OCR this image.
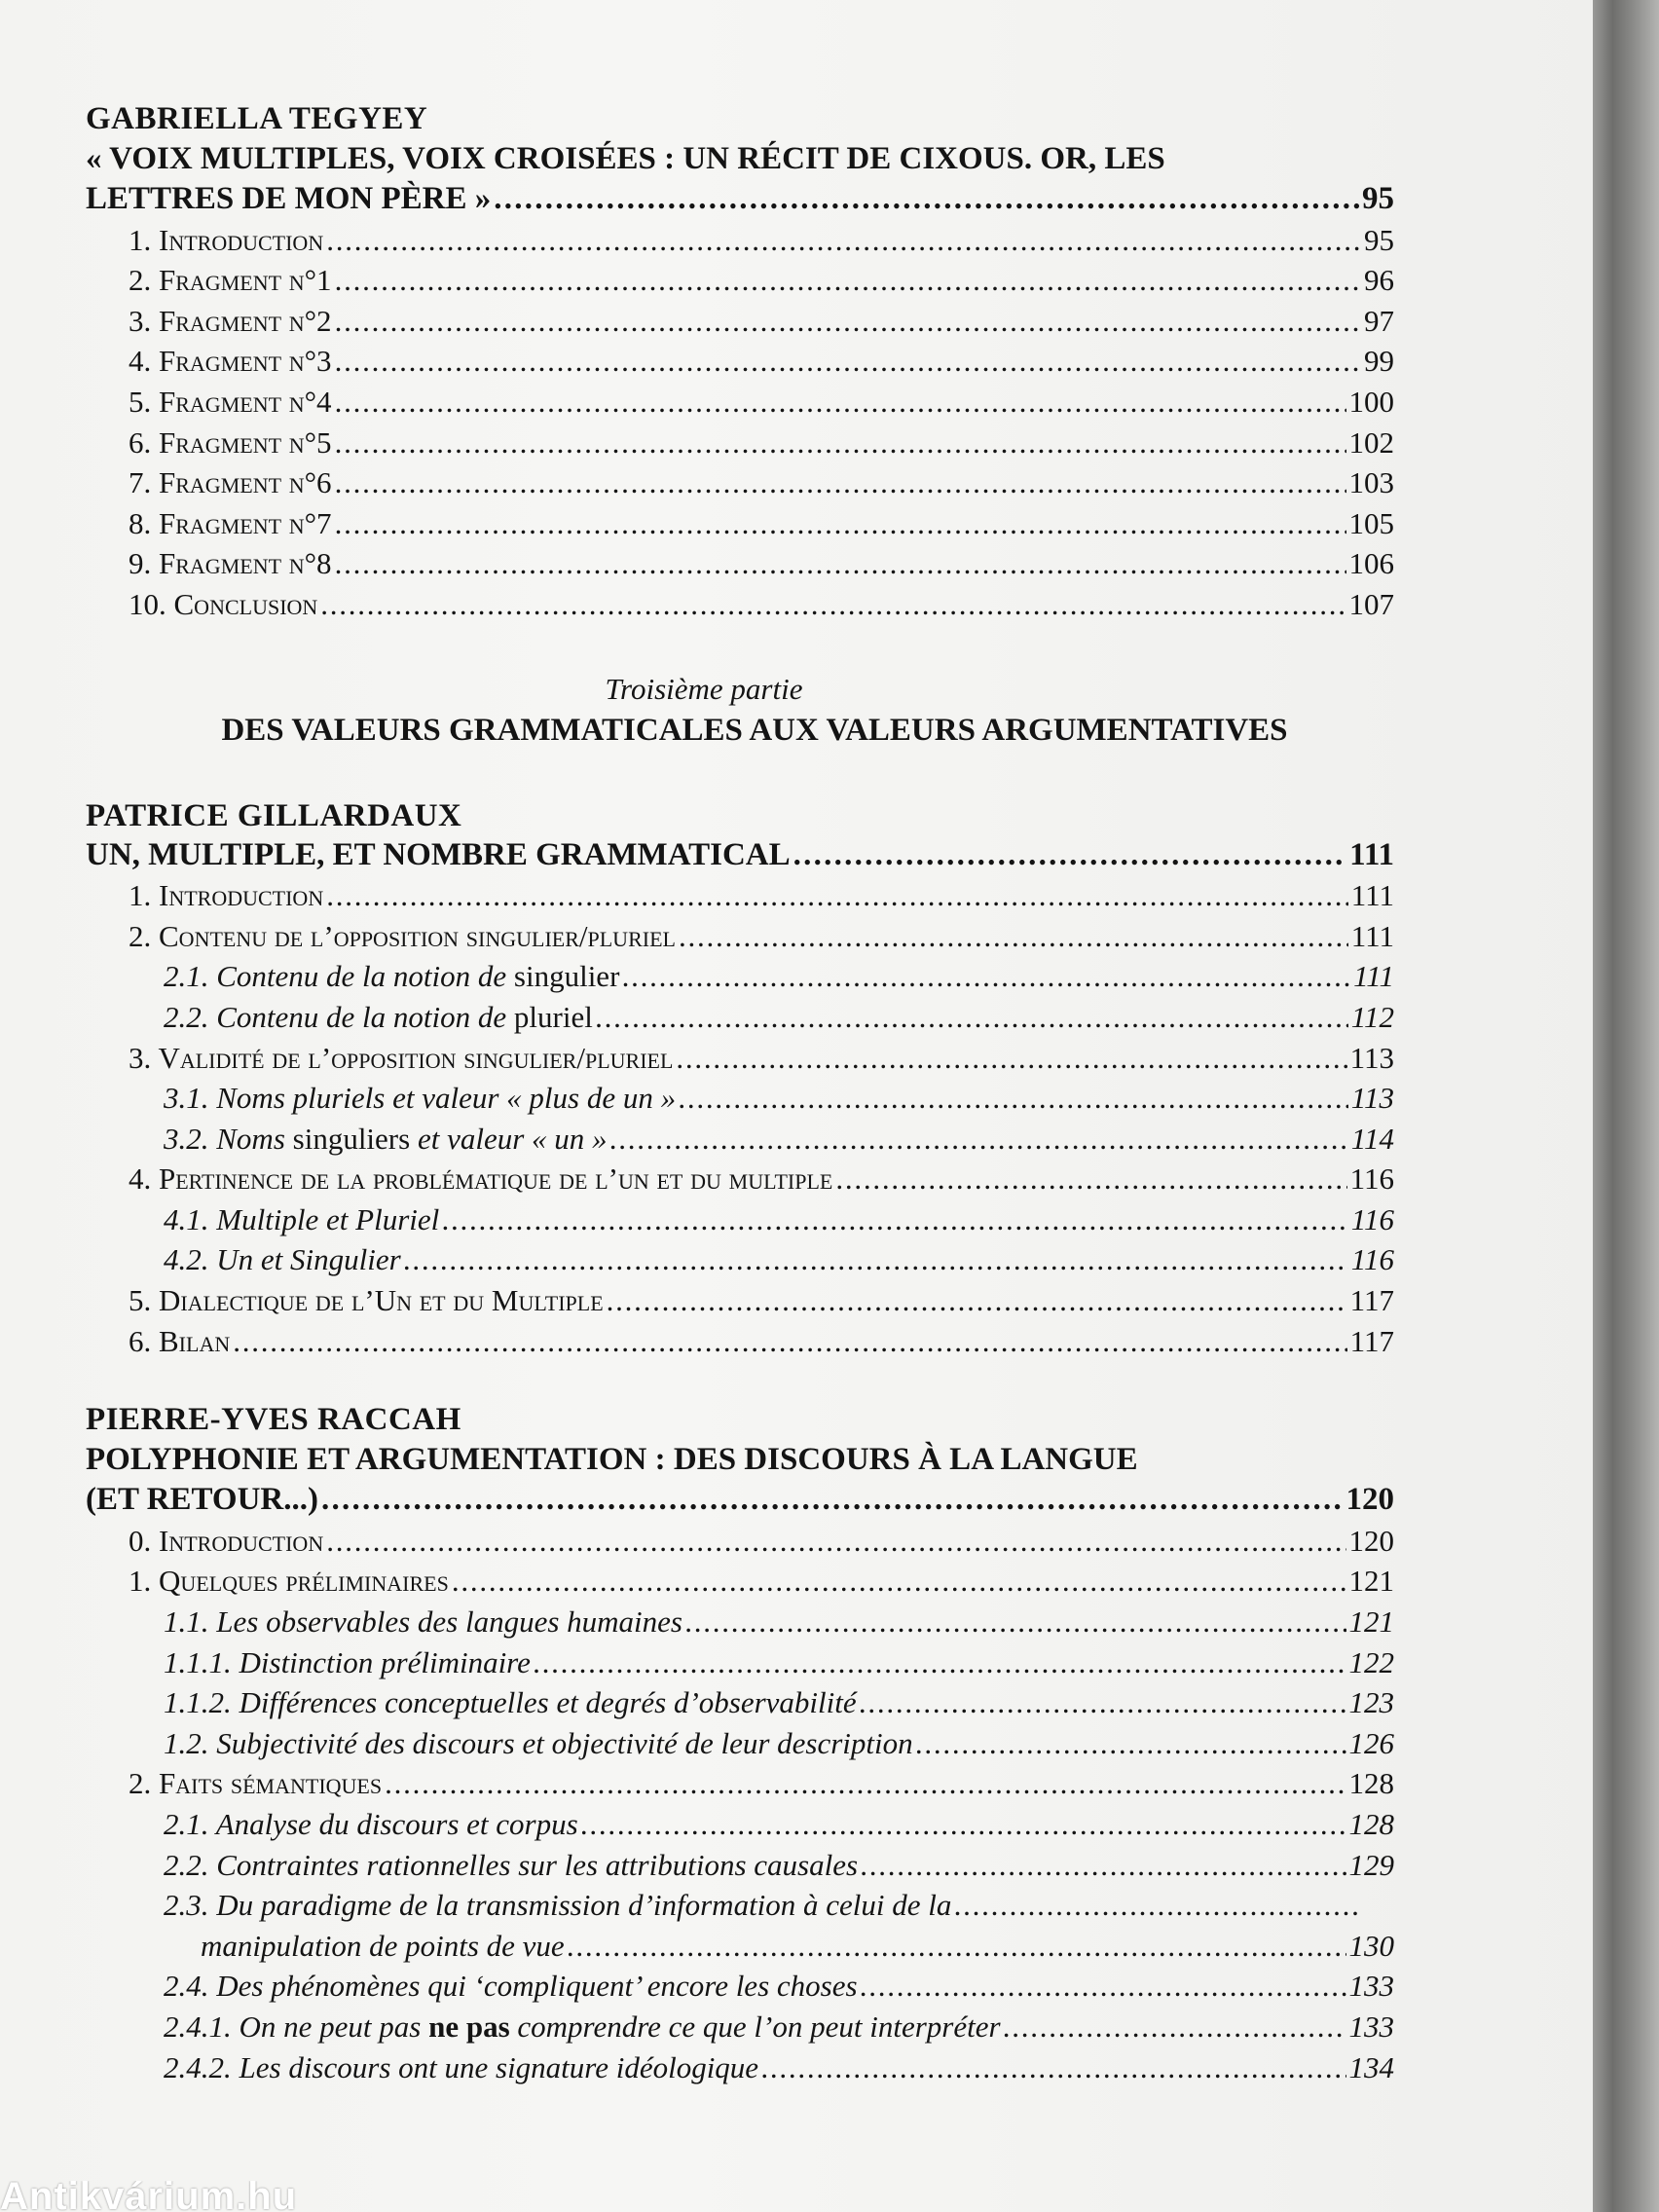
GABRIELLA TEGYEY
« VOIX MULTIPLES, VOIX CROISÉES : UN RÉCIT DE CIXOUS. OR, LES
LETTRES DE MON PÈRE » . . .	95
1. Introduction . . .	95
2. Fragment n°1 . . .	96
3. Fragment n°2 . . .	97
4. Fragment n°3 . . .	99
5. Fragment n°4 . . .	100
6. Fragment n°5 . . .	102
7. Fragment n°6 . . .	103
8. Fragment n°7 . . .	105
9. Fragment n°8 . . .	106
10. Conclusion . . .	107
Troisième partie
DES VALEURS GRAMMATICALES AUX VALEURS ARGUMENTATIVES
PATRICE GILLARDAUX
UN, MULTIPLE, ET NOMBRE GRAMMATICAL . . .	111
1. Introduction . . .	111
2. Contenu de l’opposition singulier/pluriel . . .	111
2.1. Contenu de la notion de singulier . . .	111
2.2. Contenu de la notion de pluriel . . .	112
3. Validité de l’opposition singulier/pluriel . . .	113
3.1. Noms pluriels et valeur « plus de un » . . .	113
3.2. Noms singuliers et valeur « un » . . .	114
4. Pertinence de la problématique de l’un et du multiple . . .	116
4.1. Multiple et Pluriel . . .	116
4.2. Un et Singulier . . .	116
5. Dialectique de l’Un et du Multiple . . .	117
6. Bilan . . .	117
PIERRE-YVES RACCAH
POLYPHONIE ET ARGUMENTATION : DES DISCOURS À LA LANGUE
(ET RETOUR...) . . .	120
0. Introduction . . .	120
1. Quelques préliminaires . . .	121
1.1. Les observables des langues humaines . . .	121
1.1.1. Distinction préliminaire . . .	122
1.1.2. Différences conceptuelles et degrés d’observabilité . . .	123
1.2. Subjectivité des discours et objectivité de leur description . . .	126
2. Faits sémantiques . . .	128
2.1. Analyse du discours et corpus . . .	128
2.2. Contraintes rationnelles sur les attributions causales . . .	129
2.3. Du paradigme de la transmission d’information à celui de la
. . .
manipulation de points de vue . . .	130
2.4. Des phénomènes qui ‘compliquent’ encore les choses . . .	133
2.4.1. On ne peut pas ne pas comprendre ce que l’on peut interpréter . . .	133
2.4.2. Les discours ont une signature idéologique . . .	134
Antikvárium.hu
